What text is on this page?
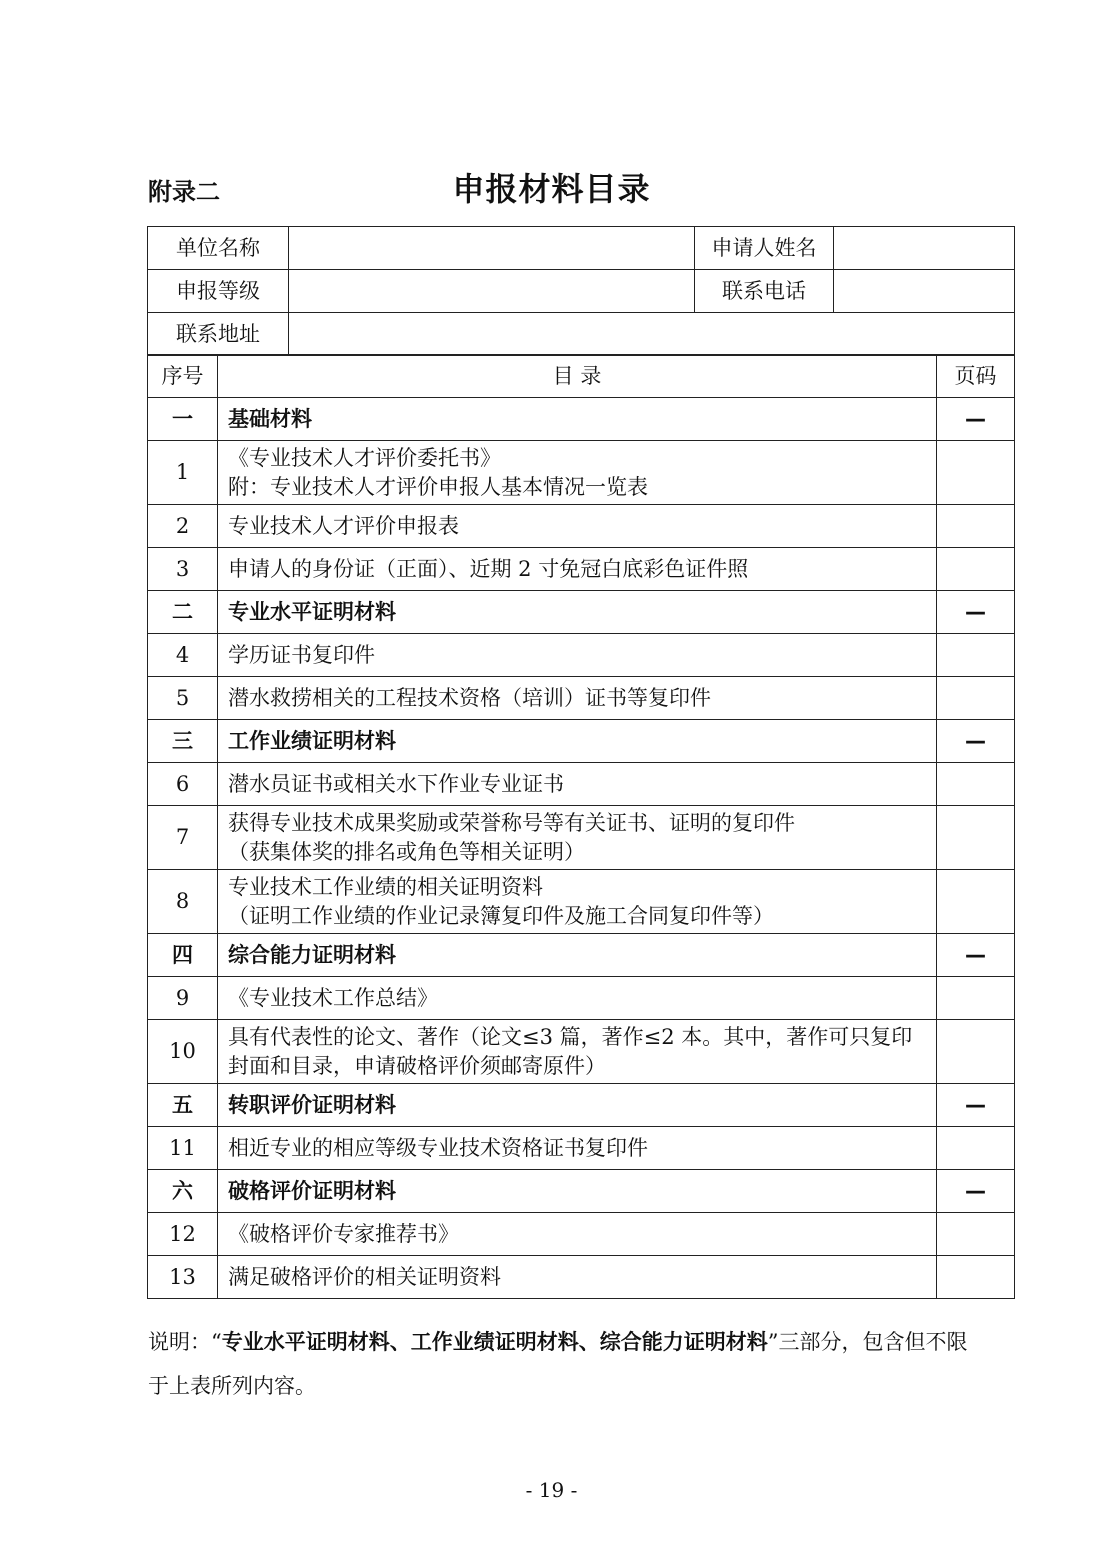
附录二	申报材料目录
单位名称		申请人姓名	
申报等级		联系电话	
联系地址			
序号	目 录	页码
一	基础材料	—
1	《专业技术人才评价委托书》
附：专业技术人才评价申报人基本情况一览表	
2	专业技术人才评价申报表	
3	申请人的身份证（正面）、近期 2 寸免冠白底彩色证件照	
二	专业水平证明材料	—
4	学历证书复印件	
5	潜水救捞相关的工程技术资格（培训）证书等复印件	
三	工作业绩证明材料	—
6	潜水员证书或相关水下作业专业证书	
7	获得专业技术成果奖励或荣誉称号等有关证书、证明的复印件
（获集体奖的排名或角色等相关证明）	
8	专业技术工作业绩的相关证明资料
（证明工作业绩的作业记录簿复印件及施工合同复印件等）	
四	综合能力证明材料	—
9	《专业技术工作总结》	
10	具有代表性的论文、著作（论文≤3 篇，著作≤2 本。其中，著作可只复印封面和目录，申请破格评价须邮寄原件）	
五	转职评价证明材料	—
11	相近专业的相应等级专业技术资格证书复印件	
六	破格评价证明材料	—
12	《破格评价专家推荐书》	
13	满足破格评价的相关证明资料	
说明：“专业水平证明材料、工作业绩证明材料、综合能力证明材料”三部分，包含但不限于上表所列内容。
- 19 -
